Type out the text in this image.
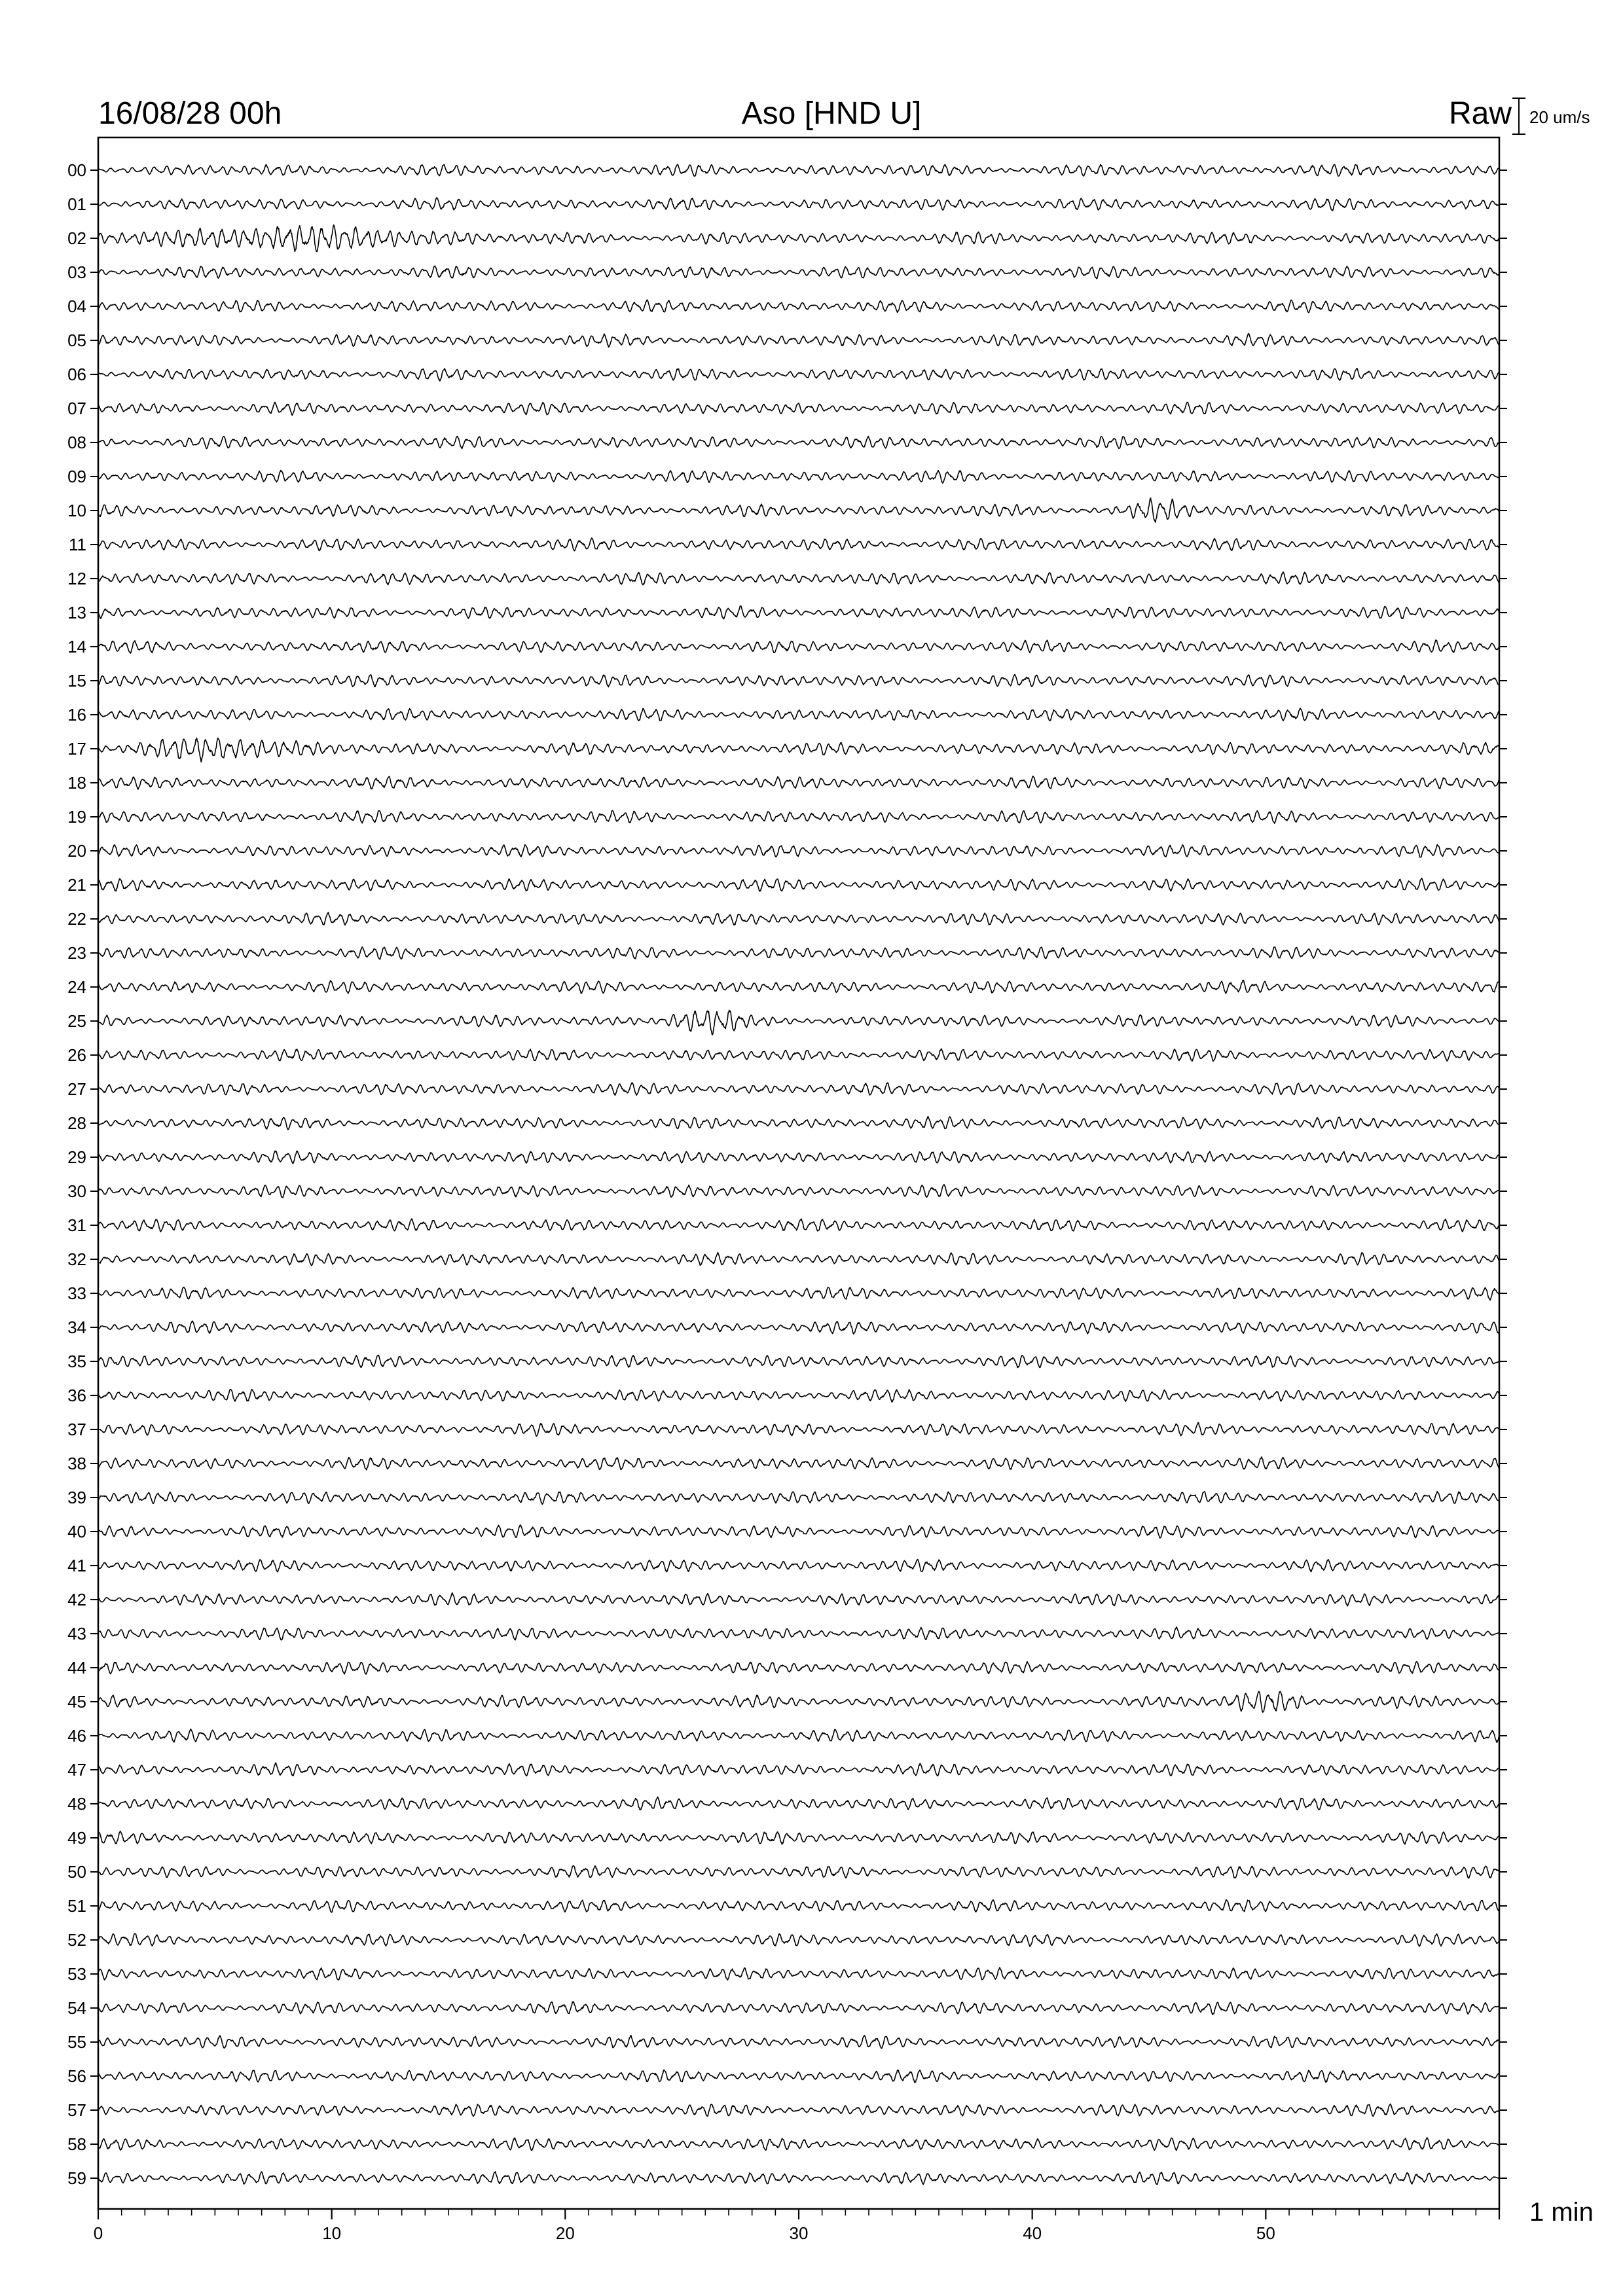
16/08/28 00h	Aso [HND U]	Raw 20 um/s
1 min
00
01
02
03
04
05
06
07
08
09
10
11
12
13
14
15
16
17
18
19
20
21
22
23
24
25
26
27
28
29
30
31
32
33
34
35
36
37
38
39
40
41
42
43
44
45
46
47
48
49
50
51
52
53
54
55
56
57
58
59
0	10	20	30	40	50
